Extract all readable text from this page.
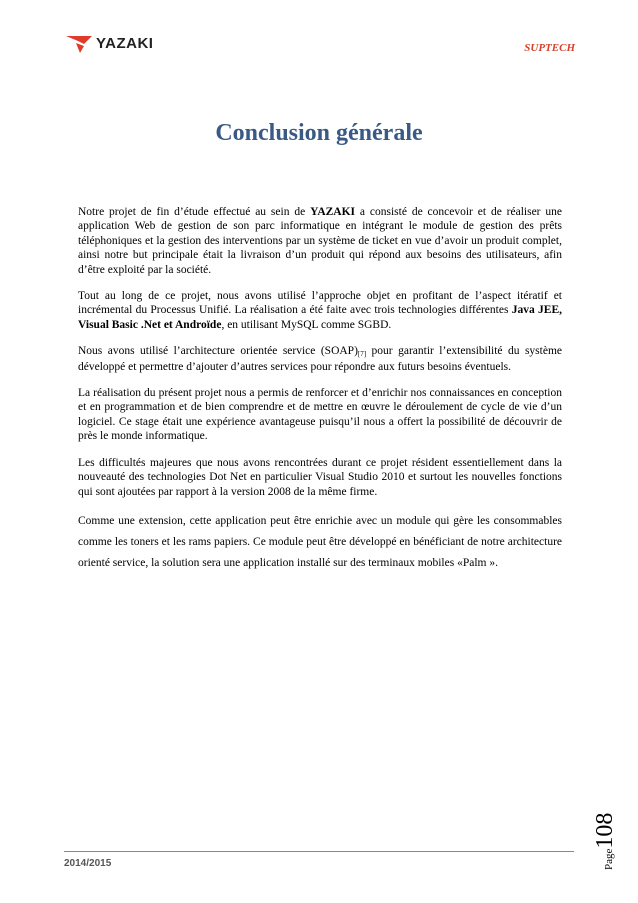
YAZAKI	SUPTECH
Conclusion générale

Notre projet de fin d’étude effectué au sein de YAZAKI a consisté de concevoir et de réaliser une application Web de gestion de son parc informatique en intégrant le module de gestion des prêts téléphoniques et la gestion des interventions par un système de ticket en vue d’avoir un produit complet, ainsi notre but principale était la livraison d’un produit qui répond aux besoins des utilisateurs, afin d’être exploité par la société.

Tout au long de ce projet, nous avons utilisé l’approche objet en profitant de l’aspect itératif et incrémental du Processus Unifié. La réalisation a été faite avec trois technologies différentes Java JEE, Visual Basic .Net et Androïde, en utilisant MySQL comme SGBD.

Nous avons utilisé l’architecture orientée service (SOAP)[7] pour garantir l’extensibilité du système développé et permettre d’ajouter d’autres services pour répondre aux futurs besoins éventuels.

La réalisation du présent projet nous a permis de renforcer et d’enrichir nos connaissances en conception et en programmation et de bien comprendre et de mettre en œuvre le déroulement de cycle de vie d’un logiciel. Ce stage était une expérience avantageuse puisqu’il nous a offert la possibilité de découvrir de près le monde informatique.

Les difficultés majeures que nous avons rencontrées durant ce projet résident essentiellement dans la nouveauté des technologies Dot Net en particulier Visual Studio 2010 et surtout les nouvelles fonctions qui sont ajoutées par rapport à la version 2008 de la même firme.

Comme une extension, cette application peut être enrichie avec un module qui gère les consommables comme les toners et les rams papiers. Ce module peut être développé en bénéficiant de notre architecture orienté service, la solution sera une application installé sur des terminaux mobiles «Palm ».

Page108
2014/2015
